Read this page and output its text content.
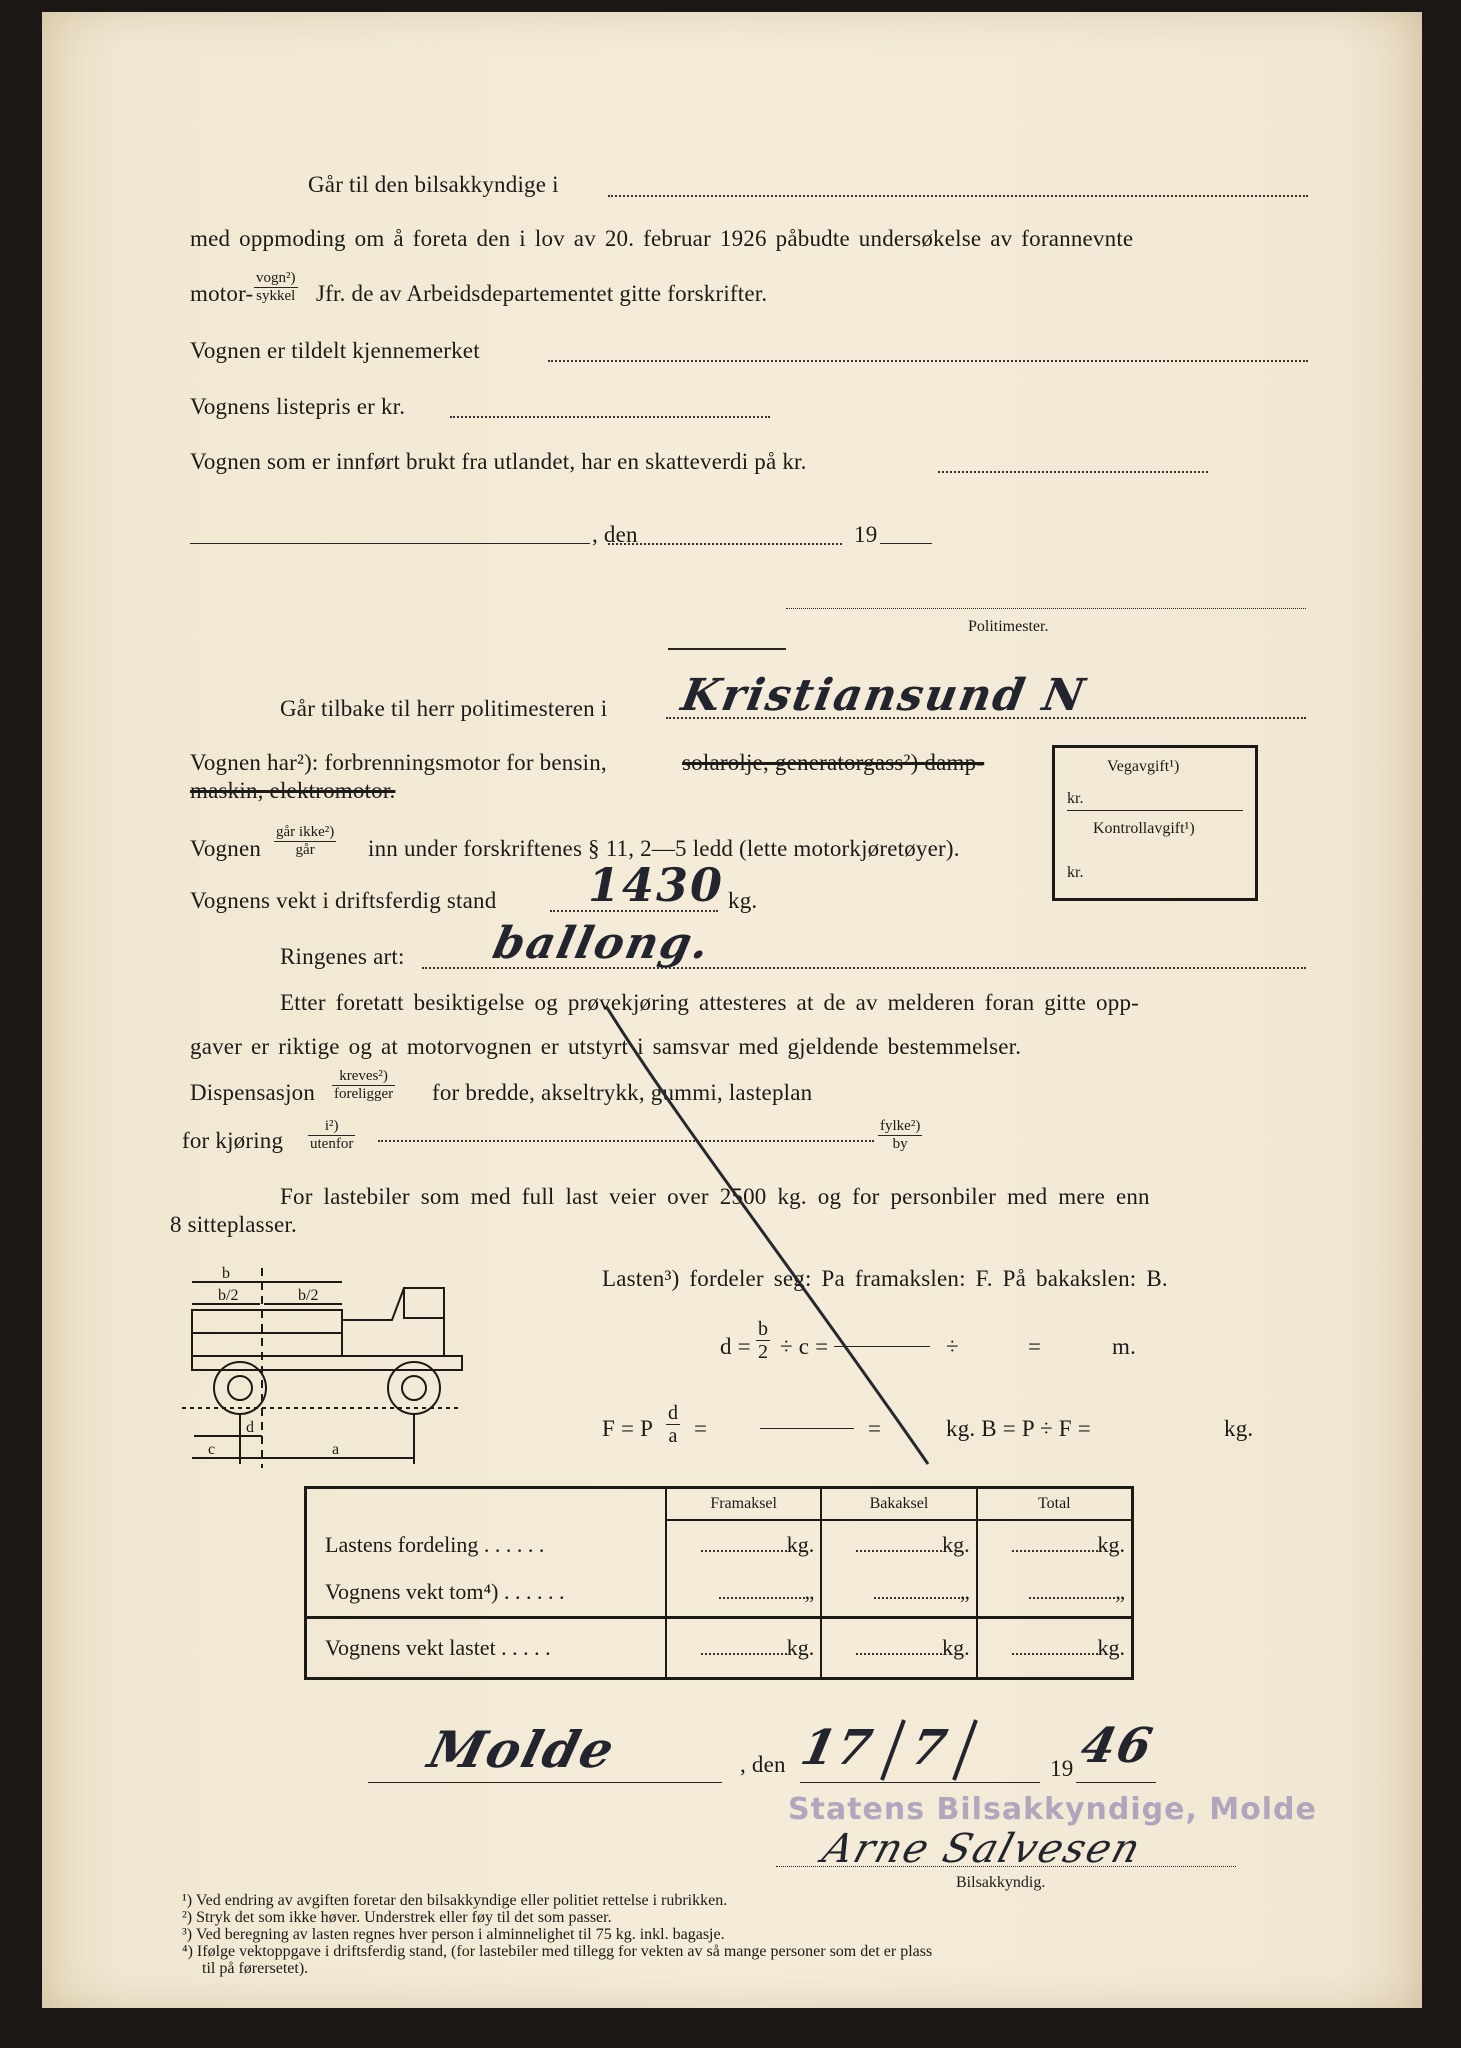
Går til den bilsakkyndige i
med oppmoding om å foreta den i lov av 20. februar 1926 påbudte undersøkelse av forannevnte
motor-
vogn²)
sykkel Jfr. de av Arbeidsdepartementet gitte forskrifter.
Vognen er tildelt kjennemerket
Vognens listepris er kr.
Vognen som er innført brukt fra utlandet, har en skatteverdi på kr.
, den	19
Politimester.
Går tilbake til herr politimesteren i Kristiansund N
Vognen har²): forbrenningsmotor for bensin,	solarolje, generatorgass²) damp-
maskin, elektromotor.
Vognen
går ikke²)
går	inn under forskriftenes § 11, 2—5 ledd (lette motorkjøretøyer).
Vognens vekt i driftsferdig stand 1430 kg.
Ringenes art: ballong.
Etter foretatt besiktigelse og prøvekjøring attesteres at de av melderen foran gitte opp-
gaver er riktige og at motorvognen er utstyrt i samsvar med gjeldende bestemmelser.
Dispensasjon
kreves²)
foreligger for bredde, akseltrykk, gummi, lasteplan
for kjøring
i²)
utenfor
fylke²)
by
For lastebiler som med full last veier over 2500 kg. og for personbiler med mere enn
8 sitteplasser.
Vegavgift¹)
kr.
Kontrollavgift¹)
kr.
b
b/2	b/2
c
d
a
Lasten³) fordeler seg: Pa framakslen: F. På bakakslen: B.
$d = \frac{b}{2} \div c$ =	÷	=	m.
F = P $\frac{d}{a}$ =	=	kg. B = P ÷ F =	kg.
	Framaksel	Bakaksel	Total
Lastens fordeling . . . . . .	kg.	kg.	kg.
Vognens vekt tom⁴) . . . . . .	„	„	„
Vognens vekt lastet . . . . .	kg.	kg.	kg.
Molde	, den 17 7	19 46
Statens Bilsakkyndige, Molde
Arne Salvesen
Bilsakkyndig.
¹) Ved endring av avgiften foretar den bilsakkyndige eller politiet rettelse i rubrikken.
²) Stryk det som ikke høver. Understrek eller føy til det som passer.
³) Ved beregning av lasten regnes hver person i alminnelighet til 75 kg. inkl. bagasje.
⁴) Ifølge vektoppgave i driftsferdig stand, (for lastebiler med tillegg for vekten av så mange personer som det er plass
til på førersetet).
